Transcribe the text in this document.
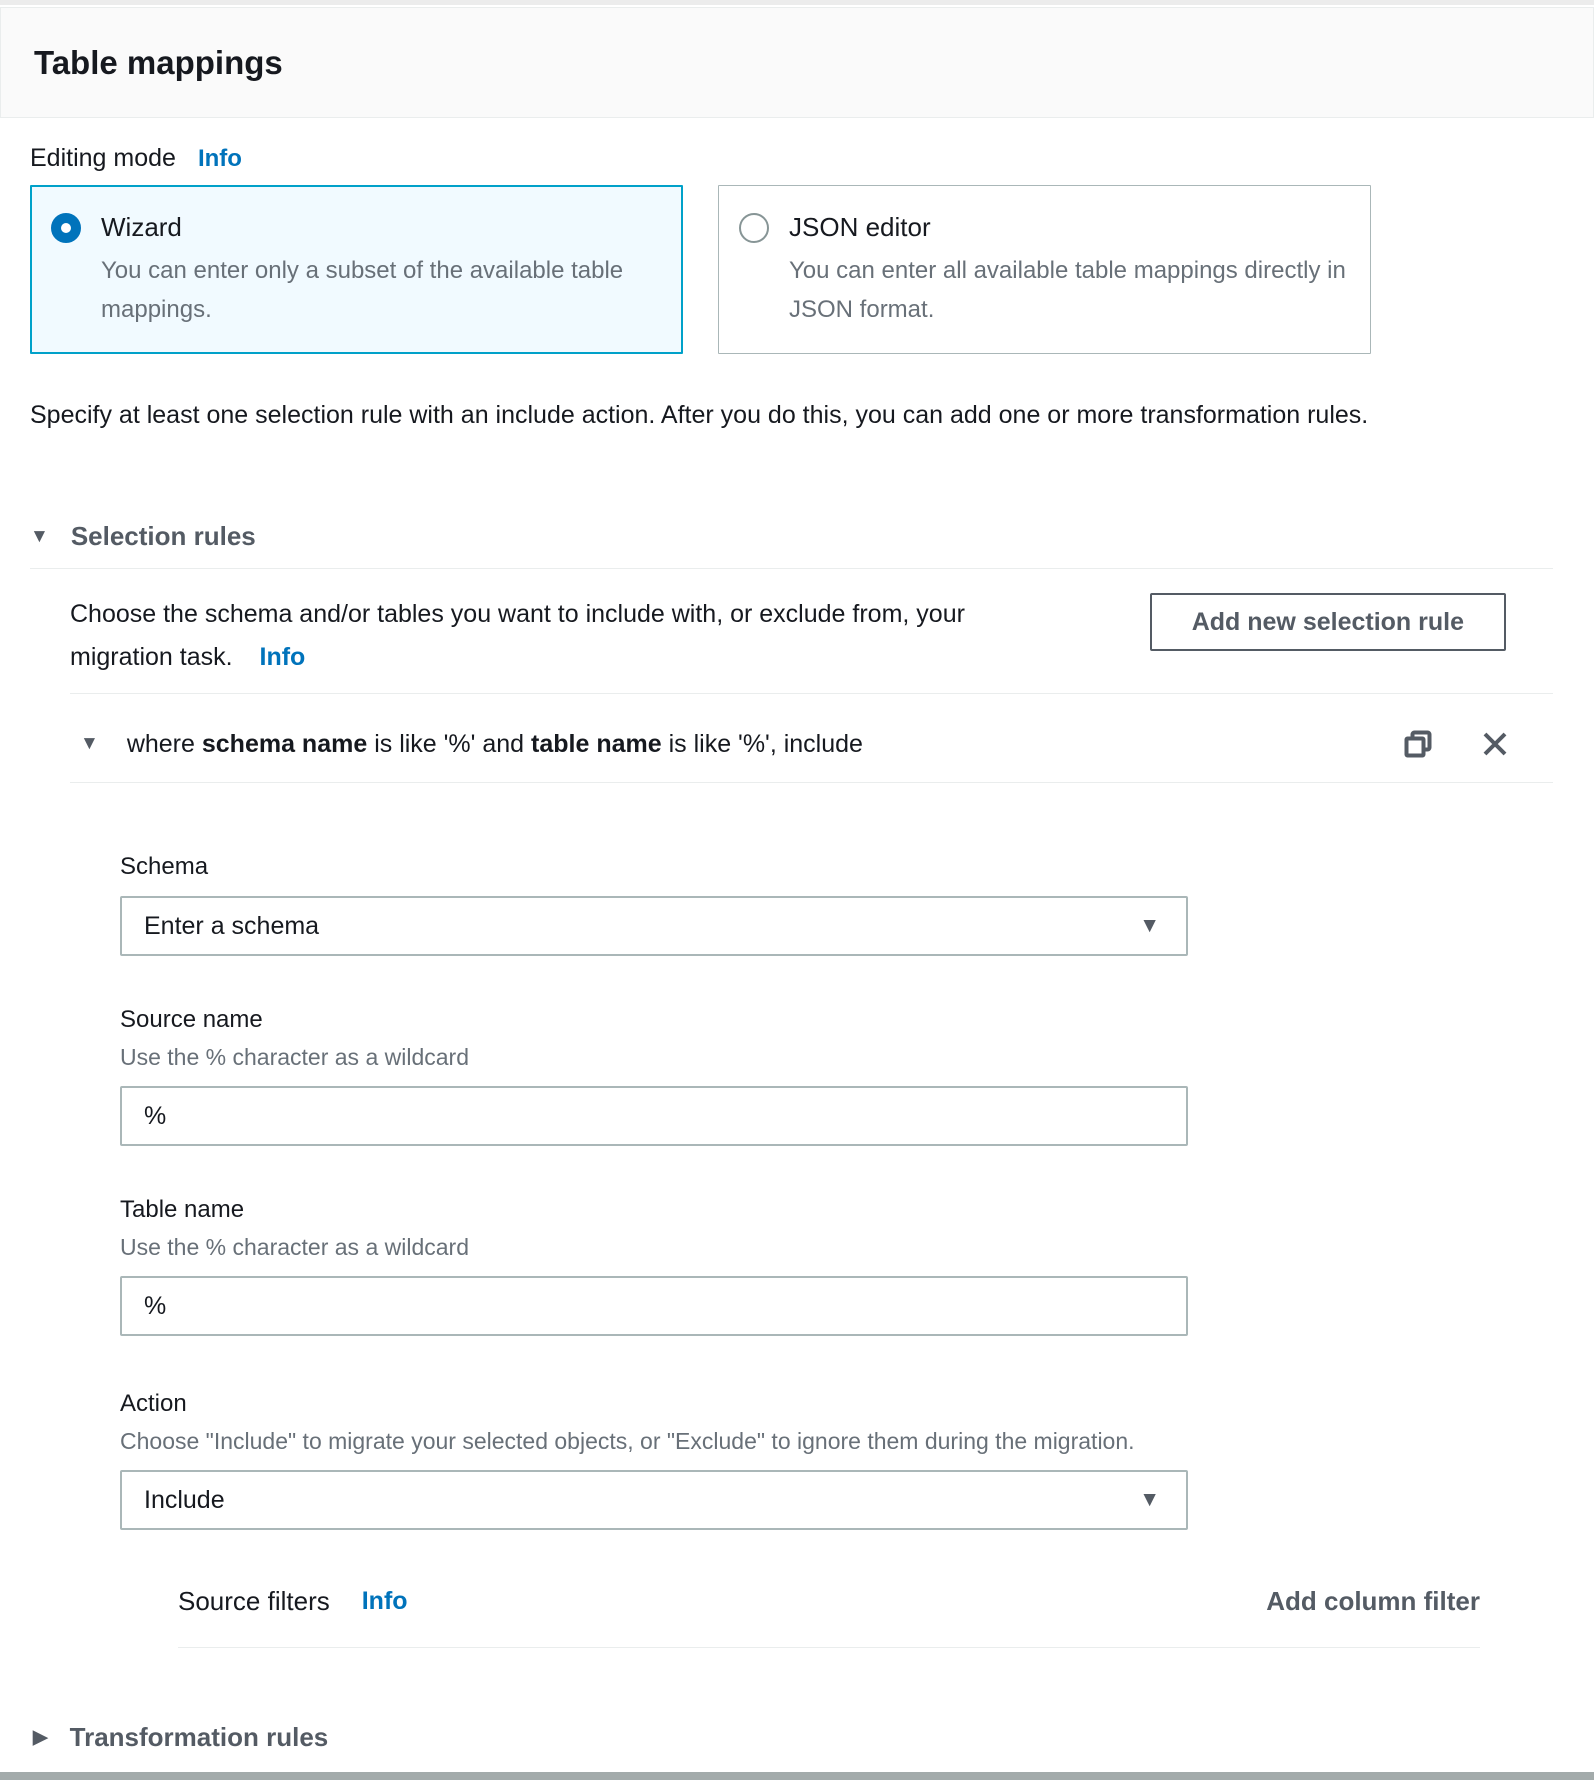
Table mappings
Editing mode Info
Wizard
You can enter only a subset of the available table mappings.
JSON editor
You can enter all available table mappings directly in JSON format.
Specify at least one selection rule with an include action. After you do this, you can add one or more transformation rules.
▼ Selection rules
Choose the schema and/or tables you want to include with, or exclude from, your migration task. Info
Add new selection rule
▼ where schema name is like '%' and table name is like '%', include
Schema
Enter a schema	▼
Source name
Use the % character as a wildcard
%
Table name
Use the % character as a wildcard
%
Action
Choose "Include" to migrate your selected objects, or "Exclude" to ignore them during the migration.
Include	▼
Source filters Info	Add column filter
▶ Transformation rules
